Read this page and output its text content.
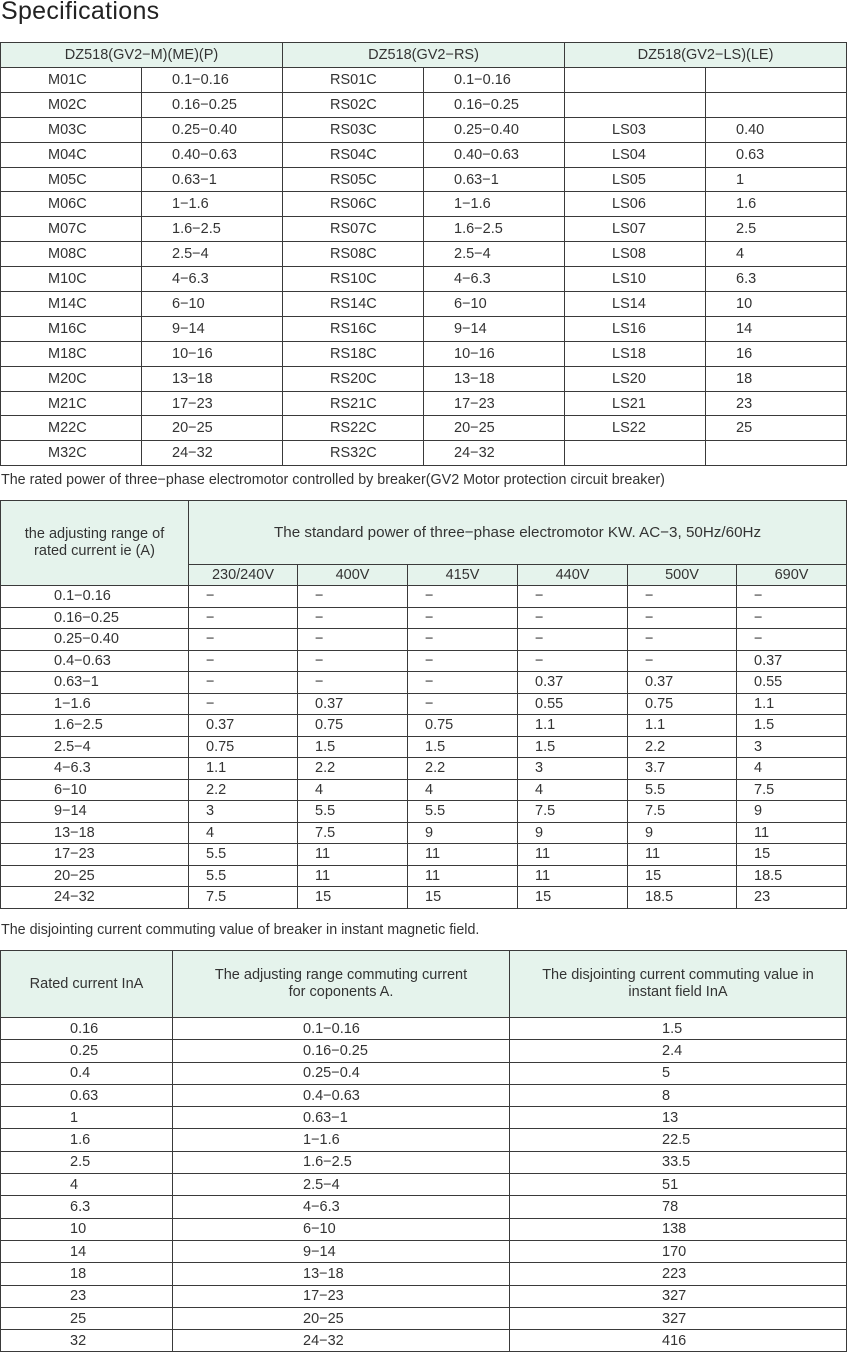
Specifications
DZ518(GV2−M)(ME)(P)		DZ518(GV2−RS)		DZ518(GV2−LS)(LE)	
M01C	0.1−0.16	RS01C	0.1−0.16		
M02C	0.16−0.25	RS02C	0.16−0.25		
M03C	0.25−0.40	RS03C	0.25−0.40	LS03	0.40
M04C	0.40−0.63	RS04C	0.40−0.63	LS04	0.63
M05C	0.63−1	RS05C	0.63−1	LS05	1
M06C	1−1.6	RS06C	1−1.6	LS06	1.6
M07C	1.6−2.5	RS07C	1.6−2.5	LS07	2.5
M08C	2.5−4	RS08C	2.5−4	LS08	4
M10C	4−6.3	RS10C	4−6.3	LS10	6.3
M14C	6−10	RS14C	6−10	LS14	10
M16C	9−14	RS16C	9−14	LS16	14
M18C	10−16	RS18C	10−16	LS18	16
M20C	13−18	RS20C	13−18	LS20	18
M21C	17−23	RS21C	17−23	LS21	23
M22C	20−25	RS22C	20−25	LS22	25
M32C	24−32	RS32C	24−32		

The rated power of three−phase electromotor controlled by breaker(GV2 Motor protection circuit breaker)

the adjusting range of rated current ie (A)	The standard power of three−phase electromotor KW. AC−3, 50Hz/60Hz					
	230/240V	400V	415V	440V	500V	690V
0.1−0.16	−	−	−	−	−	−
0.16−0.25	−	−	−	−	−	−
0.25−0.40	−	−	−	−	−	−
0.4−0.63	−	−	−	−	−	0.37
0.63−1	−	−	−	0.37	0.37	0.55
1−1.6	−	0.37	−	0.55	0.75	1.1
1.6−2.5	0.37	0.75	0.75	1.1	1.1	1.5
2.5−4	0.75	1.5	1.5	1.5	2.2	3
4−6.3	1.1	2.2	2.2	3	3.7	4
6−10	2.2	4	4	4	5.5	7.5
9−14	3	5.5	5.5	7.5	7.5	9
13−18	4	7.5	9	9	9	11
17−23	5.5	11	11	11	11	15
20−25	5.5	11	11	11	15	18.5
24−32	7.5	15	15	15	18.5	23

The disjointing current commuting value of breaker in instant magnetic field.

Rated current InA	The adjusting range commuting current for coponents A.	The disjointing current commuting value in instant field InA
0.16	0.1−0.16	1.5
0.25	0.16−0.25	2.4
0.4	0.25−0.4	5
0.63	0.4−0.63	8
1	0.63−1	13
1.6	1−1.6	22.5
2.5	1.6−2.5	33.5
4	2.5−4	51
6.3	4−6.3	78
10	6−10	138
14	9−14	170
18	13−18	223
23	17−23	327
25	20−25	327
32	24−32	416
